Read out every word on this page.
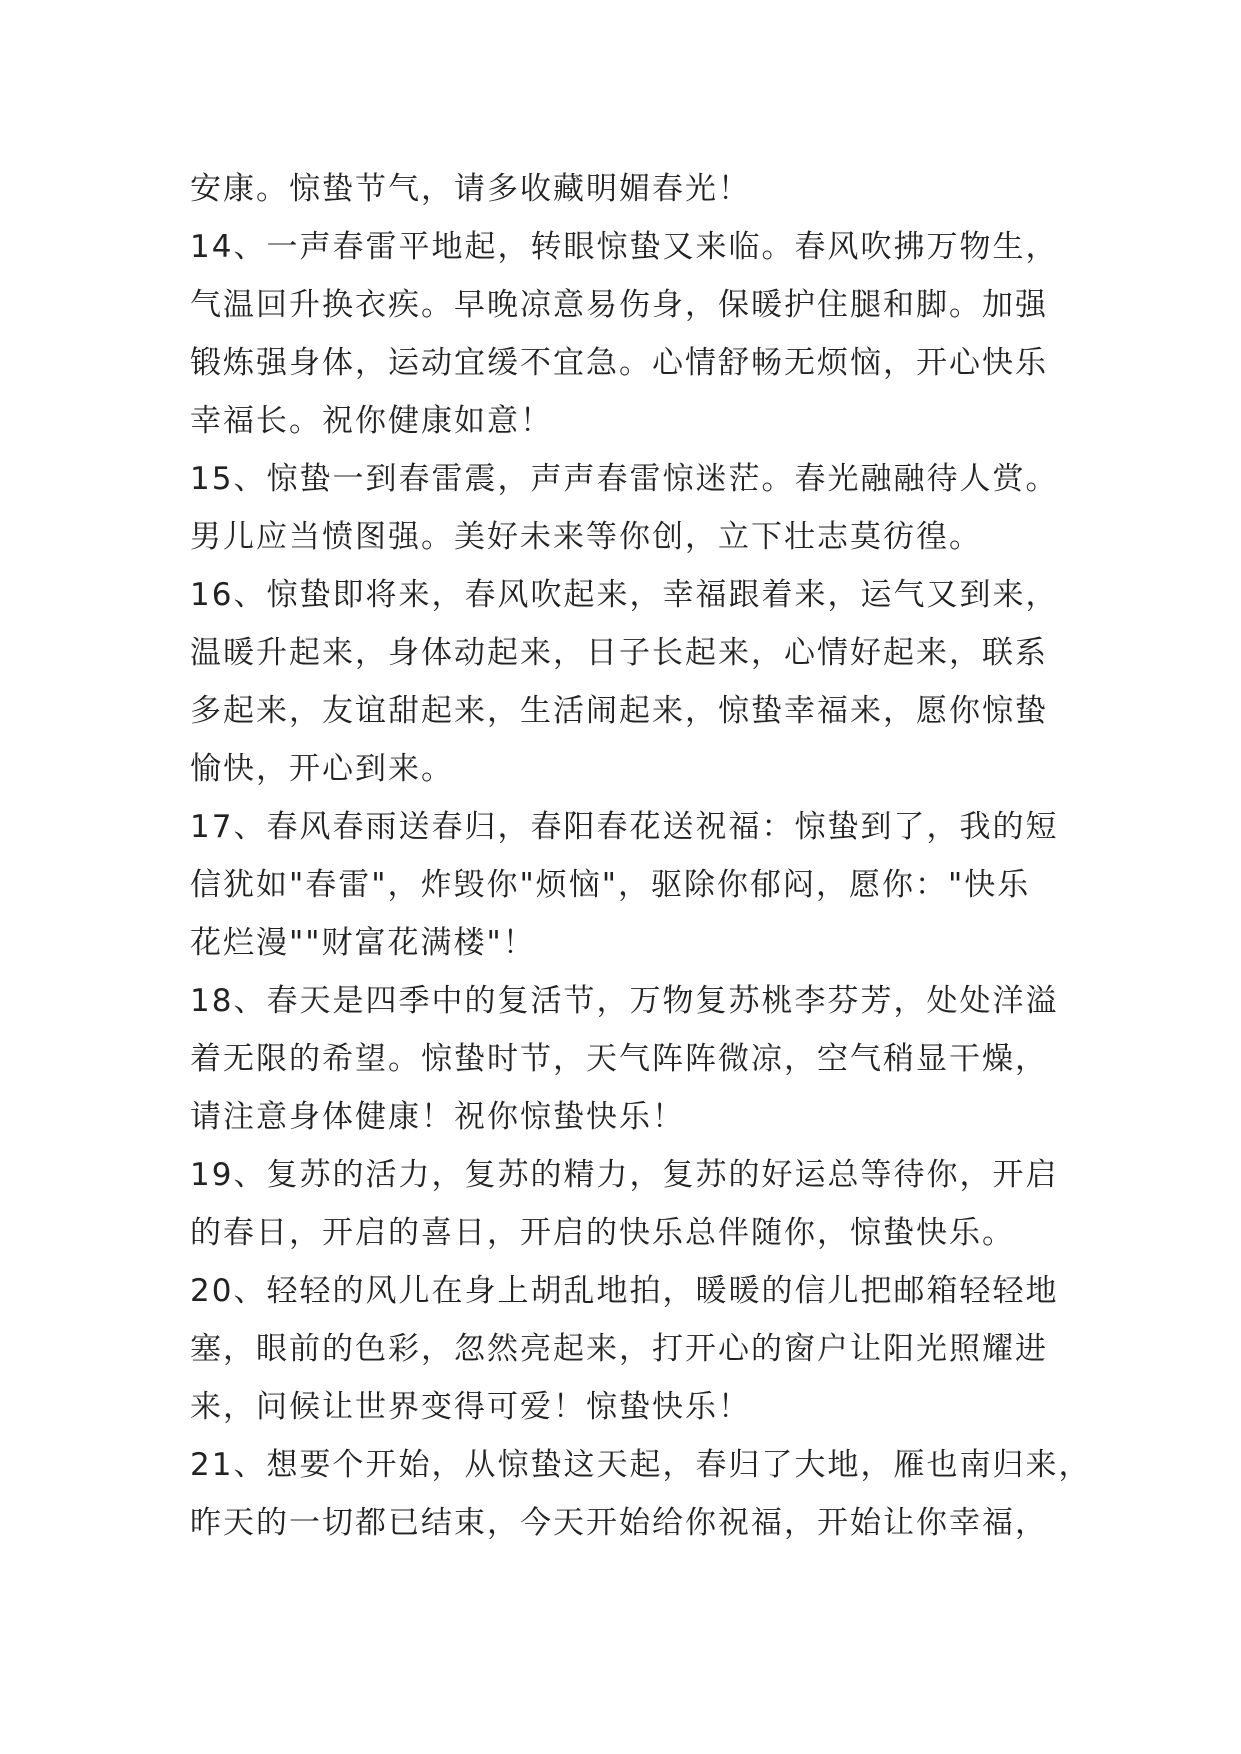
安康。惊蛰节气，请多收藏明媚春光！
14、一声春雷平地起，转眼惊蛰又来临。春风吹拂万物生，
气温回升换衣疾。早晚凉意易伤身，保暖护住腿和脚。加强
锻炼强身体，运动宜缓不宜急。心情舒畅无烦恼，开心快乐
幸福长。祝你健康如意！
15、惊蛰一到春雷震，声声春雷惊迷茫。春光融融待人赏。
男儿应当愤图强。美好未来等你创，立下壮志莫彷徨。
16、惊蛰即将来，春风吹起来，幸福跟着来，运气又到来，
温暖升起来，身体动起来，日子长起来，心情好起来，联系
多起来，友谊甜起来，生活闹起来，惊蛰幸福来，愿你惊蛰
愉快，开心到来。
17、春风春雨送春归，春阳春花送祝福：惊蛰到了，我的短
信犹如"春雷"，炸毁你"烦恼"，驱除你郁闷，愿你："快乐
花烂漫""财富花满楼"！
18、春天是四季中的复活节，万物复苏桃李芬芳，处处洋溢
着无限的希望。惊蛰时节，天气阵阵微凉，空气稍显干燥，
请注意身体健康！祝你惊蛰快乐！
19、复苏的活力，复苏的精力，复苏的好运总等待你，开启
的春日，开启的喜日，开启的快乐总伴随你，惊蛰快乐。
20、轻轻的风儿在身上胡乱地拍，暖暖的信儿把邮箱轻轻地
塞，眼前的色彩，忽然亮起来，打开心的窗户让阳光照耀进
来，问候让世界变得可爱！惊蛰快乐！
21、想要个开始，从惊蛰这天起，春归了大地，雁也南归来，
昨天的一切都已结束，今天开始给你祝福，开始让你幸福，
